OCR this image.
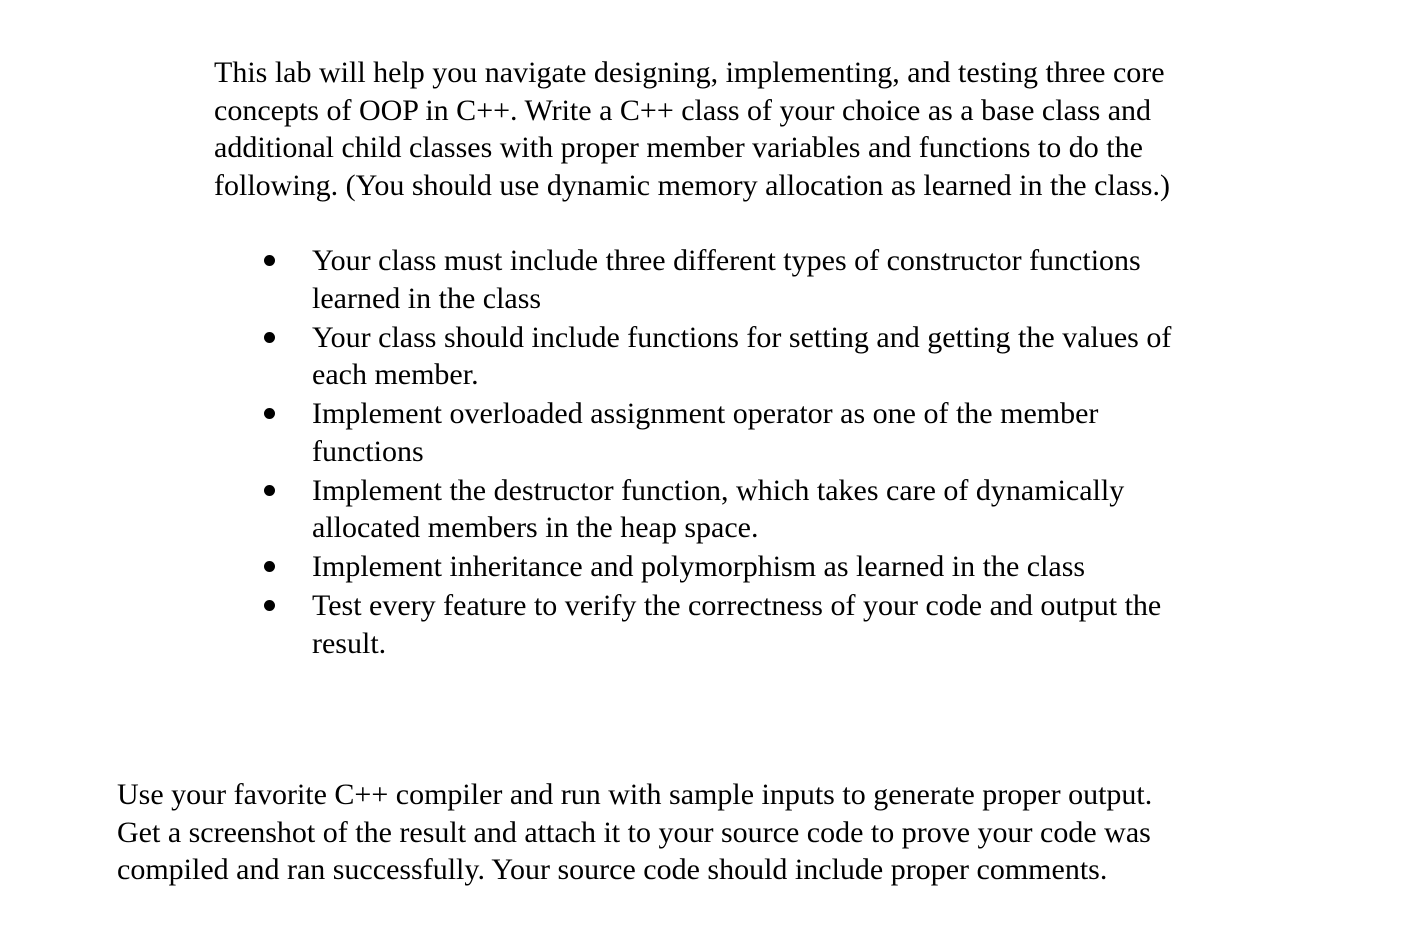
This lab will help you navigate designing, implementing, and testing three core
concepts of OOP in C++. Write a C++ class of your choice as a base class and
additional child classes with proper member variables and functions to do the
following. (You should use dynamic memory allocation as learned in the class.)

Your class must include three different types of constructor functions
learned in the class
Your class should include functions for setting and getting the values of
each member.
Implement overloaded assignment operator as one of the member
functions
Implement the destructor function, which takes care of dynamically
allocated members in the heap space.
Implement inheritance and polymorphism as learned in the class
Test every feature to verify the correctness of your code and output the
result.

Use your favorite C++ compiler and run with sample inputs to generate proper output.
Get a screenshot of the result and attach it to your source code to prove your code was
compiled and ran successfully. Your source code should include proper comments.
